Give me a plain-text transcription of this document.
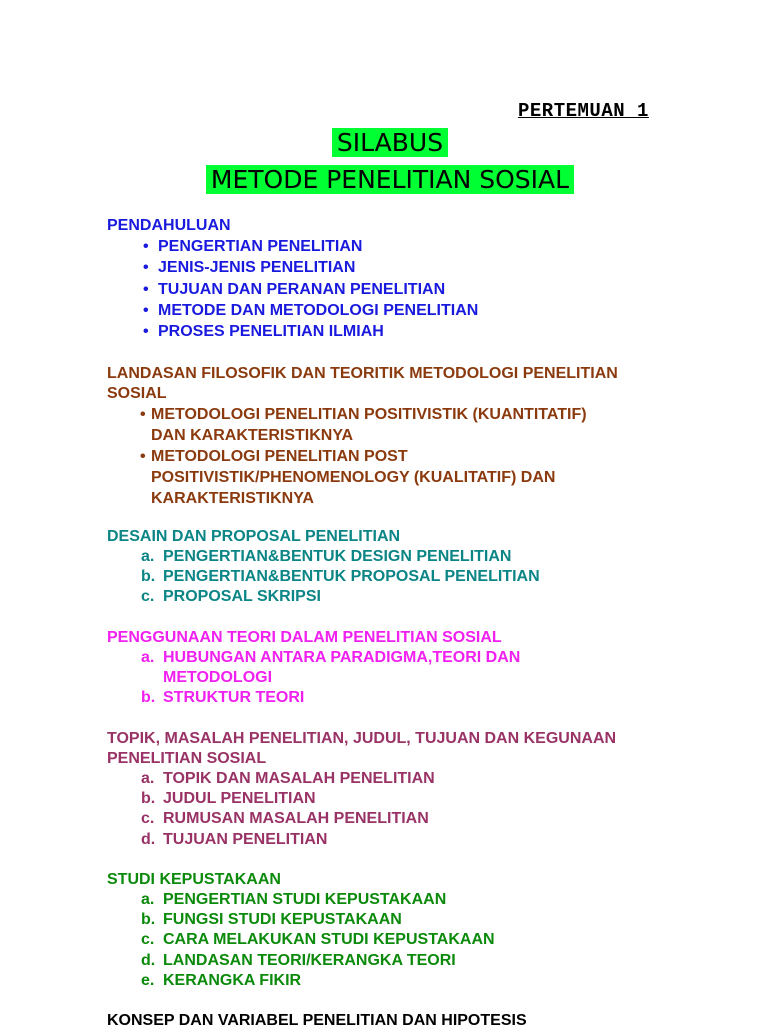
PERTEMUAN 1
SILABUS
METODE PENELITIAN SOSIAL
PENDAHULUAN
• PENGERTIAN PENELITIAN
• JENIS-JENIS PENELITIAN
• TUJUAN DAN PERANAN PENELITIAN
• METODE DAN METODOLOGI PENELITIAN
• PROSES PENELITIAN ILMIAH
LANDASAN FILOSOFIK DAN TEORITIK METODOLOGI PENELITIAN
SOSIAL
• METODOLOGI PENELITIAN POSITIVISTIK (KUANTITATIF)
DAN KARAKTERISTIKNYA
• METODOLOGI PENELITIAN POST
POSITIVISTIK/PHENOMENOLOGY (KUALITATIF) DAN
KARAKTERISTIKNYA
DESAIN DAN PROPOSAL PENELITIAN
a. PENGERTIAN&BENTUK DESIGN PENELITIAN
b. PENGERTIAN&BENTUK PROPOSAL PENELITIAN
c. PROPOSAL SKRIPSI
PENGGUNAAN TEORI DALAM PENELITIAN SOSIAL
a. HUBUNGAN ANTARA PARADIGMA,TEORI DAN
METODOLOGI
b. STRUKTUR TEORI
TOPIK, MASALAH PENELITIAN, JUDUL, TUJUAN DAN KEGUNAAN
PENELITIAN SOSIAL
a. TOPIK DAN MASALAH PENELITIAN
b. JUDUL PENELITIAN
c. RUMUSAN MASALAH PENELITIAN
d. TUJUAN PENELITIAN
STUDI KEPUSTAKAAN
a. PENGERTIAN STUDI KEPUSTAKAAN
b. FUNGSI STUDI KEPUSTAKAAN
c. CARA MELAKUKAN STUDI KEPUSTAKAAN
d. LANDASAN TEORI/KERANGKA TEORI
e. KERANGKA FIKIR
KONSEP DAN VARIABEL PENELITIAN DAN HIPOTESIS
